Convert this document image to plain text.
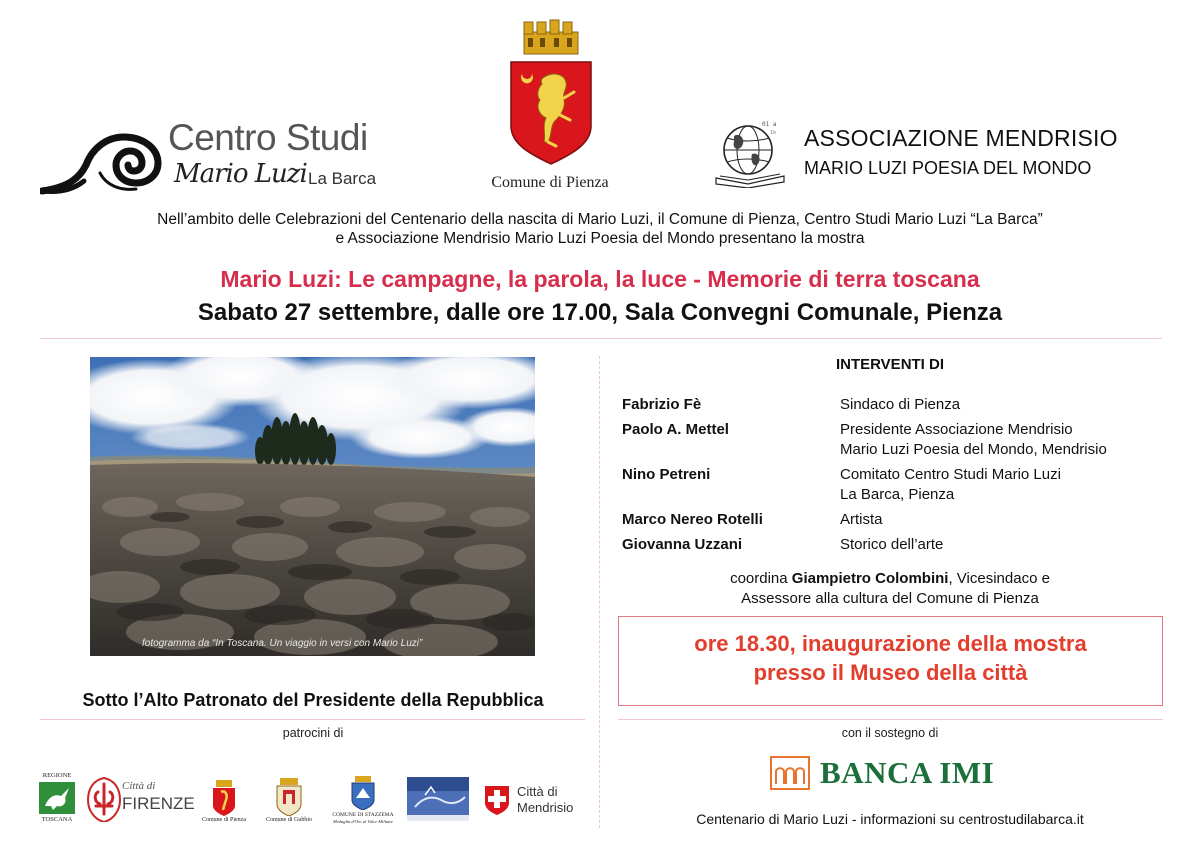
Centro Studi
Mario Luzi La Barca	Comune di Pienza
01 a
1b ASSOCIAZIONE MENDRISIO
MARIO LUZI POESIA DEL MONDO
Nell’ambito delle Celebrazioni del Centenario della nascita di Mario Luzi, il Comune di Pienza, Centro Studi Mario Luzi “La Barca”
e Associazione Mendrisio Mario Luzi Poesia del Mondo presentano la mostra
Mario Luzi: Le campagne, la parola, la luce - Memorie di terra toscana
Sabato 27 settembre, dalle ore 17.00, Sala Convegni Comunale, Pienza
fotogramma da “In Toscana. Un viaggio in versi con Mario Luzi”
Sotto l’Alto Patronato del Presidente della Repubblica
patrocini di
REGIONE
TOSCANA
Città di
FIRENZE
Comune di Pienza	Comune di Gubbio
COMUNE DI STAZZEMA
Medaglia d'Oro al Valor Militare
Città di
Mendrisio
INTERVENTI DI
Fabrizio Fè	Sindaco di Pienza
Paolo A. Mettel	Presidente Associazione Mendrisio
Mario Luzi Poesia del Mondo, Mendrisio
Nino Petreni	Comitato Centro Studi Mario Luzi
La Barca, Pienza
Marco Nereo Rotelli	Artista
Giovanna Uzzani	Storico dell’arte
coordina Giampietro Colombini, Vicesindaco e
Assessore alla cultura del Comune di Pienza
ore 18.30, inaugurazione della mostra
presso il Museo della città
con il sostegno di
BANCA IMI
Centenario di Mario Luzi - informazioni su centrostudilabarca.it
